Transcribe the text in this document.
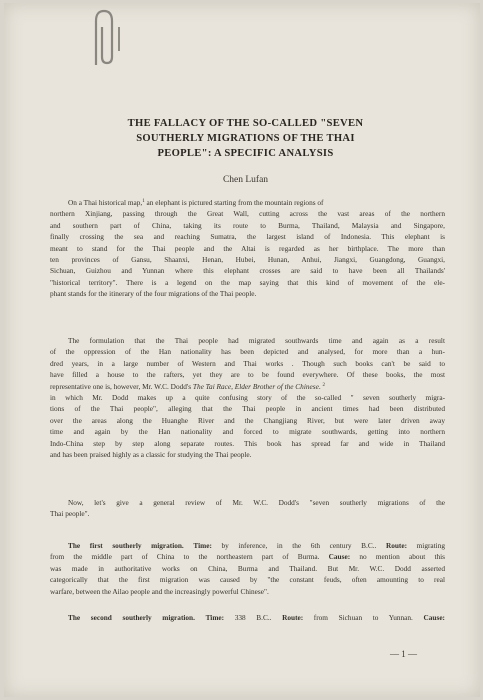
THE FALLACY OF THE SO-CALLED "SEVEN
SOUTHERLY MIGRATIONS OF THE THAI
PEOPLE": A SPECIFIC ANALYSIS
Chen Lufan
On a Thai historical map,$^1$ an elephant is pictured starting from the mountain regions of
northern Xinjiang, passing through the Great Wall, cutting across the vast areas of the northern
and southern part of China, taking its route to Burma, Thailand, Malaysia and Singapore,
finally crossing the sea and reaching Sumatra, the largest island of Indonesia. This elephant is
meant to stand for the Thai people and the Altai is regarded as her birthplace. The more than
ten provinces of Gansu, Shaanxi, Henan, Hubei, Hunan, Anhui, Jiangxi, Guangdong, Guangxi,
Sichuan, Guizhou and Yunnan where this elephant crosses are said to have been all Thailands'
"historical territory". There is a legend on the map saying that this kind of movement of the ele-
phant stands for the itinerary of the four migrations of the Thai people.
The formulation that the Thai people had migrated southwards time and again as a result
of the oppression of the Han nationality has been depicted and analysed, for more than a hun-
dred years, in a large number of Western and Thai works . Though such books can't be said to
have filled a house to the rafters, yet they are to be found everywhere. Of these books, the most
representative one is, however, Mr. W.C. Dodd's The Tai Race, Elder Brother of the Chinese. $^2$
in which Mr. Dodd makes up a quite confusing story of the so-called " seven southerly migra-
tions of the Thai people", alleging that the Thai people in ancient times had been distributed
over the areas along the Huanghe River and the Changjiang River, but were later driven away
time and again by the Han nationality and forced to migrate southwards, getting into northern
Indo-China step by step along separate routes. This book has spread far and wide in Thailand
and has been praised highly as a classic for studying the Thai people.
Now, let's give a general review of Mr. W.C. Dodd's "seven southerly migrations of the
Thai people".
The first southerly migration. Time: by inference, in the 6th century B.C.. Route: migrating
from the middle part of China to the northeastern part of Burma. Cause: no mention about this
was made in authoritative works on China, Burma and Thailand. But Mr. W.C. Dodd asserted
categorically that the first migration was caused by "the constant feuds, often amounting to real
warfare, between the Ailao people and the increasingly powerful Chinese".
The second southerly migration. Time: 338 B.C.. Route: from Sichuan to Yunnan. Cause:
— 1 —
